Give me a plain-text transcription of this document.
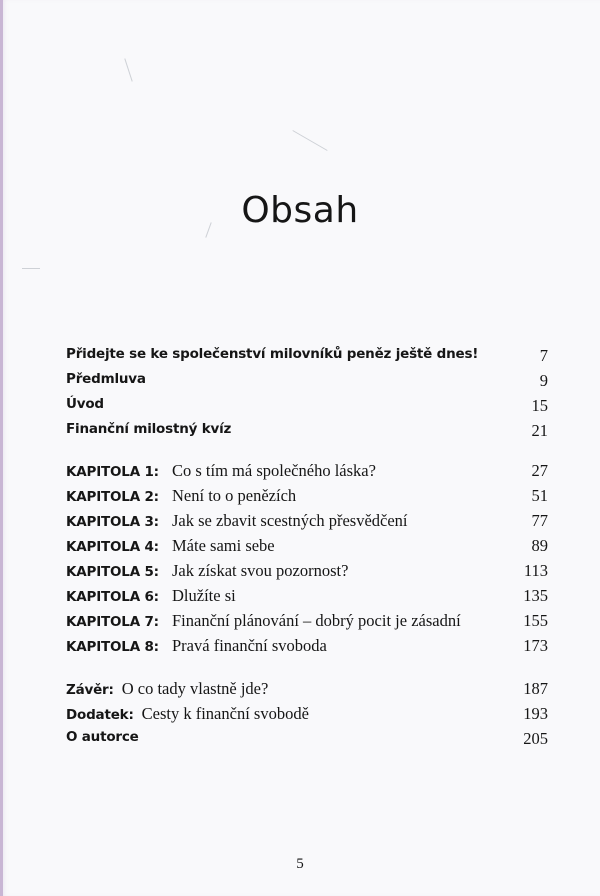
Obsah
Přidejte se ke společenství milovníků peněz ještě dnes!	7
Předmluva	9
Úvod	15
Finanční milostný kvíz	21
KAPITOLA 1: Co s tím má společného láska?	27
KAPITOLA 2: Není to o penězích	51
KAPITOLA 3: Jak se zbavit scestných přesvědčení	77
KAPITOLA 4: Máte sami sebe	89
KAPITOLA 5: Jak získat svou pozornost?	113
KAPITOLA 6: Dlužíte si	135
KAPITOLA 7: Finanční plánování – dobrý pocit je zásadní	155
KAPITOLA 8: Pravá finanční svoboda	173
Závěr: O co tady vlastně jde?	187
Dodatek: Cesty k finanční svobodě	193
O autorce	205
5
